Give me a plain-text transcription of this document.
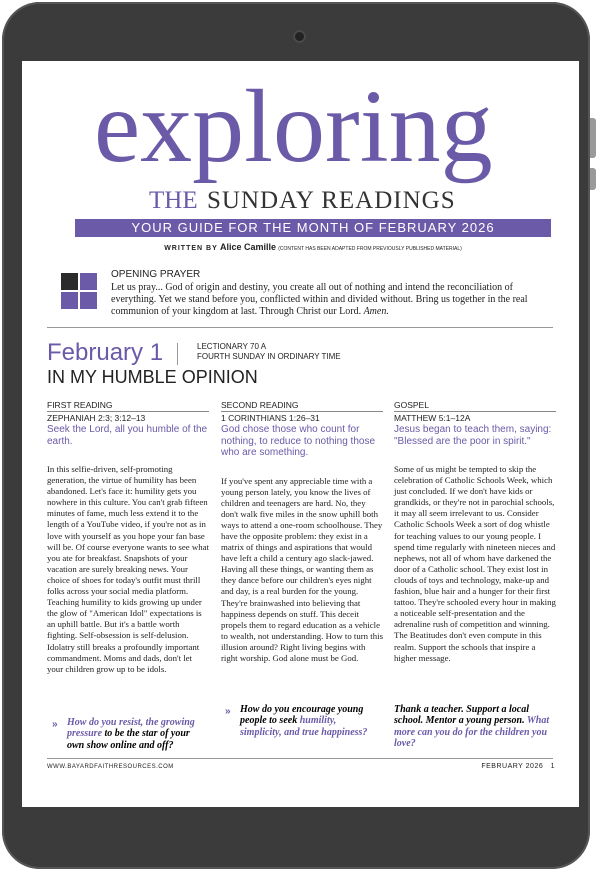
exploring
THE SUNDAY READINGS
YOUR GUIDE FOR THE MONTH OF FEBRUARY 2026
WRITTEN BY Alice Camille (CONTENT HAS BEEN ADAPTED FROM PREVIOUSLY PUBLISHED MATERIAL)
OPENING PRAYER
Let us pray... God of origin and destiny, you create all out of nothing and intend the reconciliation of everything. Yet we stand before you, conflicted within and divided without. Bring us together in the real communion of your kingdom at last. Through Christ our Lord. Amen.
February 1	LECTIONARY 70 A
FOURTH SUNDAY IN ORDINARY TIME
IN MY HUMBLE OPINION
FIRST READING
ZEPHANIAH 2:3; 3:12–13
Seek the Lord, all you humble of the earth.
In this selfie-driven, self-promoting generation, the virtue of humility has been abandoned. Let's face it: humility gets you nowhere in this culture. You can't grab fifteen minutes of fame, much less extend it to the length of a YouTube video, if you're not as in love with yourself as you hope your fan base will be. Of course everyone wants to see what you ate for breakfast. Snapshots of your vacation are surely breaking news. Your choice of shoes for today's outfit must thrill folks across your social media platform. Teaching humility to kids growing up under the glow of "American Idol" expectations is an uphill battle. But it's a battle worth fighting. Self-obsession is self-delusion. Idolatry still breaks a profoundly important commandment. Moms and dads, don't let your children grow up to be idols.
» How do you resist, the growing pressure to be the star of your own show online and off?
SECOND READING
1 CORINTHIANS 1:26–31
God chose those who count for nothing, to reduce to nothing those who are something.
If you've spent any appreciable time with a young person lately, you know the lives of children and teenagers are hard. No, they don't walk five miles in the snow uphill both ways to attend a one-room schoolhouse. They have the opposite problem: they exist in a matrix of things and aspirations that would have left a child a century ago slack-jawed. Having all these things, or wanting them as they dance before our children's eyes night and day, is a real burden for the young. They're brainwashed into believing that happiness depends on stuff. This deceit propels them to regard education as a vehicle to wealth, not understanding. How to turn this illusion around? Right living begins with right worship. God alone must be God.
» How do you encourage young people to seek humility, simplicity, and true happiness?
GOSPEL
MATTHEW 5:1–12A
Jesus began to teach them, saying: "Blessed are the poor in spirit."
Some of us might be tempted to skip the celebration of Catholic Schools Week, which just concluded. If we don't have kids or grandkids, or they're not in parochial schools, it may all seem irrelevant to us. Consider Catholic Schools Week a sort of dog whistle for teaching values to our young people. I spend time regularly with nineteen nieces and nephews, not all of whom have darkened the door of a Catholic school. They exist lost in clouds of toys and technology, make-up and fashion, blue hair and a hunger for their first tattoo. They're schooled every hour in making a noticeable self-presentation and the adrenaline rush of competition and winning. The Beatitudes don't even compute in this realm. Support the schools that inspire a higher message.
Thank a teacher. Support a local school. Mentor a young person. What more can you do for the children you love?
WWW.BAYARDFAITHRESOURCES.COM	FEBRUARY 2026 1
